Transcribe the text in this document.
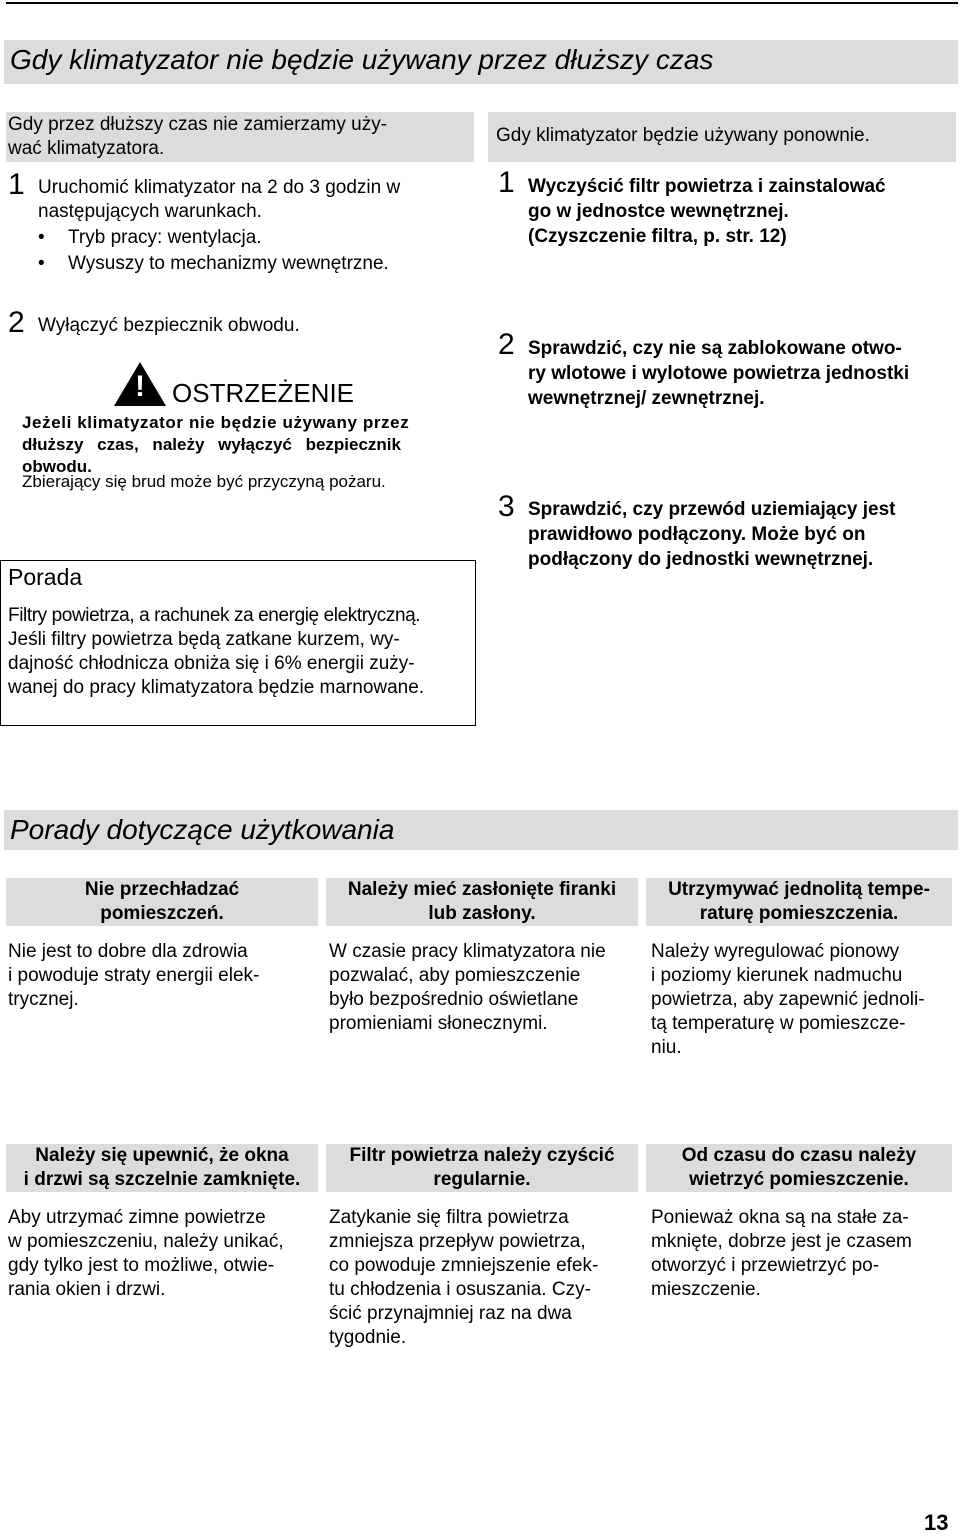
Gdy klimatyzator nie będzie używany przez dłuższy czas
Gdy przez dłuższy czas nie zamierzamy uży-
wać klimatyzatora.
1 Uruchomić klimatyzator na 2 do 3 godzin w
następujących warunkach.
• Tryb pracy: wentylacja.
• Wysuszy to mechanizmy wewnętrzne.
2 Wyłączyć bezpiecznik obwodu.
!	OSTRZEŻENIE
Jeżeli klimatyzator nie będzie używany przez
dłuższy czas, należy wyłączyć bezpiecznik
obwodu.
Zbierający się brud może być przyczyną pożaru.
Porada
Filtry powietrza, a rachunek za energię elektryczną.
Jeśli filtry powietrza będą zatkane kurzem, wy-
dajność chłodnicza obniża się i 6% energii zuży-
wanej do pracy klimatyzatora będzie marnowane.
Gdy klimatyzator będzie używany ponownie.
1 Wyczyścić filtr powietrza i zainstalować
go w jednostce wewnętrznej.
(Czyszczenie filtra, p. str. 12)
2 Sprawdzić, czy nie są zablokowane otwo-
ry wlotowe i wylotowe powietrza jednostki
wewnętrznej/ zewnętrznej.
3 Sprawdzić, czy przewód uziemiający jest
prawidłowo podłączony. Może być on
podłączony do jednostki wewnętrznej.
Porady dotyczące użytkowania
Nie przechładzać
pomieszczeń.
Nie jest to dobre dla zdrowia
i powoduje straty energii elek-
trycznej.
Należy mieć zasłonięte firanki
lub zasłony.
W czasie pracy klimatyzatora nie
pozwalać, aby pomieszczenie
było bezpośrednio oświetlane
promieniami słonecznymi.
Utrzymywać jednolitą tempe-
raturę pomieszczenia.
Należy wyregulować pionowy
i poziomy kierunek nadmuchu
powietrza, aby zapewnić jednoli-
tą temperaturę w pomieszcze-
niu.
Należy się upewnić, że okna
i drzwi są szczelnie zamknięte.
Aby utrzymać zimne powietrze
w pomieszczeniu, należy unikać,
gdy tylko jest to możliwe, otwie-
rania okien i drzwi.
Filtr powietrza należy czyścić
regularnie.
Zatykanie się filtra powietrza
zmniejsza przepływ powietrza,
co powoduje zmniejszenie efek-
tu chłodzenia i osuszania. Czy-
ścić przynajmniej raz na dwa
tygodnie.
Od czasu do czasu należy
wietrzyć pomieszczenie.
Ponieważ okna są na stałe za-
mknięte, dobrze jest je czasem
otworzyć i przewietrzyć po-
mieszczenie.
13
